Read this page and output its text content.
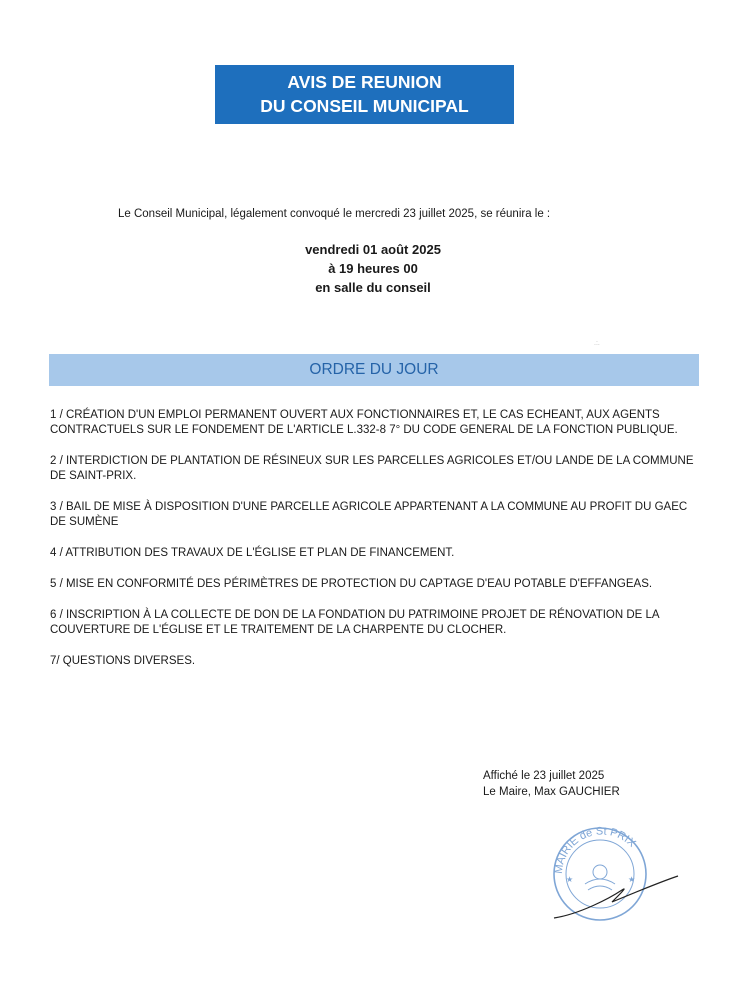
AVIS DE REUNION
DU CONSEIL MUNICIPAL
Le Conseil Municipal, légalement convoqué le mercredi 23 juillet 2025, se réunira le :
vendredi 01 août 2025
à 19 heures 00
en salle du conseil
.:.
ORDRE DU JOUR
1 / CRÉATION D'UN EMPLOI PERMANENT OUVERT AUX FONCTIONNAIRES ET, LE CAS ECHEANT, AUX AGENTS CONTRACTUELS SUR LE FONDEMENT DE L'ARTICLE L.332-8 7° DU CODE GENERAL DE LA FONCTION PUBLIQUE.
2 / INTERDICTION DE PLANTATION DE RÉSINEUX SUR LES PARCELLES AGRICOLES ET/OU LANDE DE LA COMMUNE DE SAINT-PRIX.
3 / BAIL DE MISE À DISPOSITION D'UNE PARCELLE AGRICOLE APPARTENANT A LA COMMUNE AU PROFIT DU GAEC DE SUMÈNE
4 / ATTRIBUTION DES TRAVAUX DE L'ÉGLISE ET PLAN DE FINANCEMENT.
5 / MISE EN CONFORMITÉ DES PÉRIMÈTRES DE PROTECTION DU CAPTAGE D'EAU POTABLE D'EFFANGEAS.
6 / INSCRIPTION À LA COLLECTE DE DON DE LA FONDATION DU PATRIMOINE PROJET DE RÉNOVATION DE LA COUVERTURE DE L'ÉGLISE ET LE TRAITEMENT DE LA CHARPENTE DU CLOCHER.
7/ QUESTIONS DIVERSES.
Affiché le 23 juillet 2025
Le Maire, Max GAUCHIER
MAIRIE de St PRIX
★	★
